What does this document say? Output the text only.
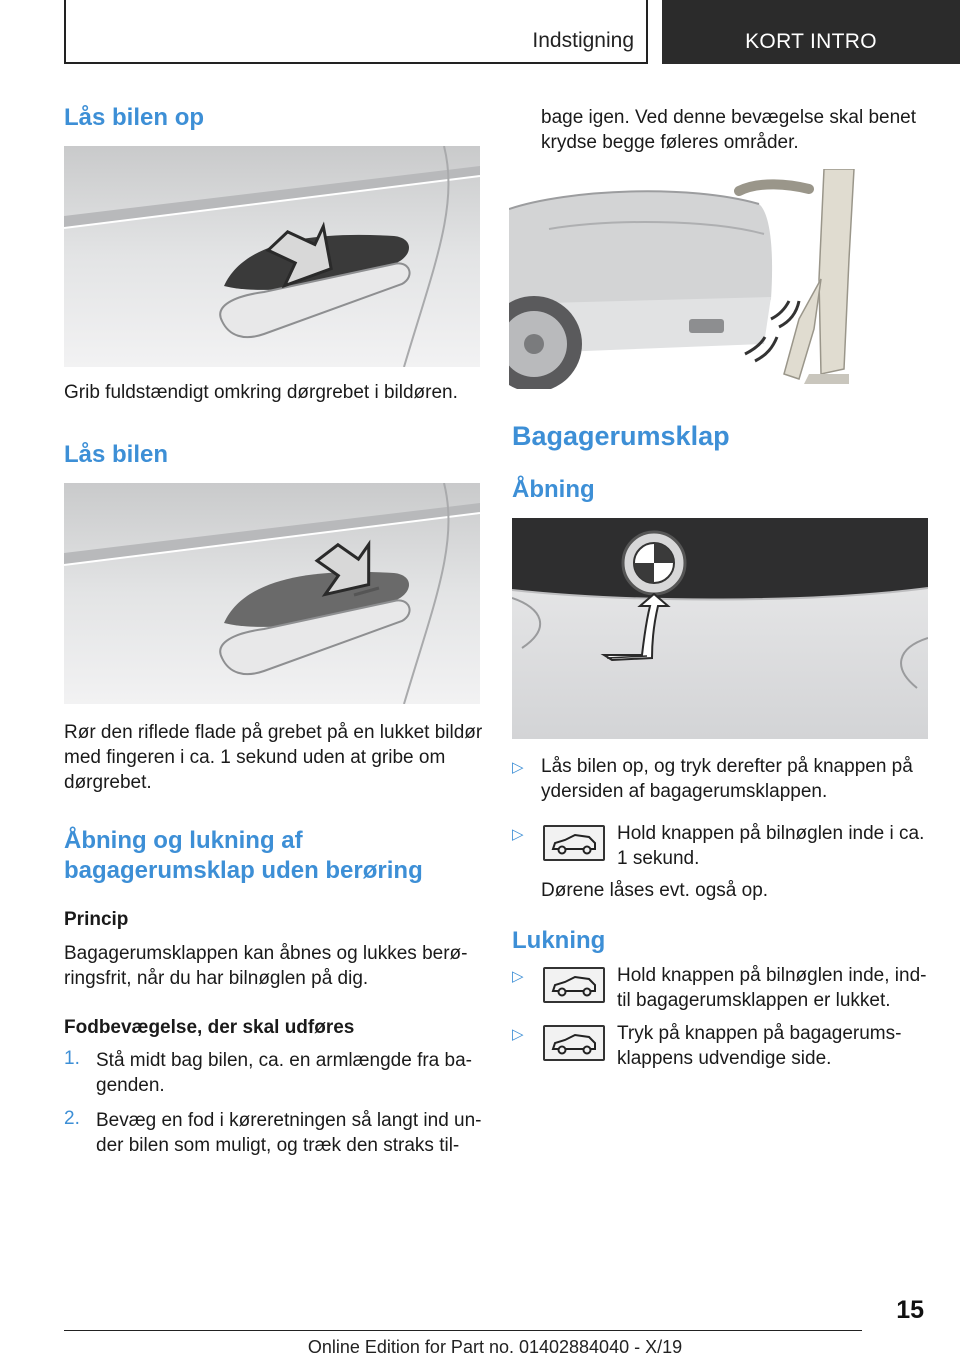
Indstigning	KORT INTRO
Lås bilen op

Grib fuldstændigt omkring dørgrebet i bildøren.

Lås bilen

Rør den riflede flade på grebet på en lukket bildør

med fingeren i ca. 1 sekund uden at gribe om

dørgrebet.

Åbning og lukning af
bagagerumsklap uden berøring
Princip

Bagagerumsklappen kan åbnes og lukkes berø-

ringsfrit, når du har bilnøglen på dig.

Fodbevægelse, der skal udføres
1. Stå midt bag bilen, ca. en armlængde fra ba-

genden.

2. Bevæg en fod i køreretningen så langt ind un-

der bilen som muligt, og træk den straks til-

bage igen. Ved denne bevægelse skal benet

krydse begge føleres områder.

Bagagerumsklap
Åbning
▷ Lås bilen op, og tryk derefter på knappen på

ydersiden af bagagerumsklappen.

▷	Hold knappen på bilnøglen inde i ca.

1 sekund.

Dørene låses evt. også op.

Lukning
▷	Hold knappen på bilnøglen inde, ind-

til bagagerumsklappen er lukket.

▷	Tryk på knappen på bagagerums-

klappens udvendige side.

15
Online Edition for Part no. 01402884040 - X/19
